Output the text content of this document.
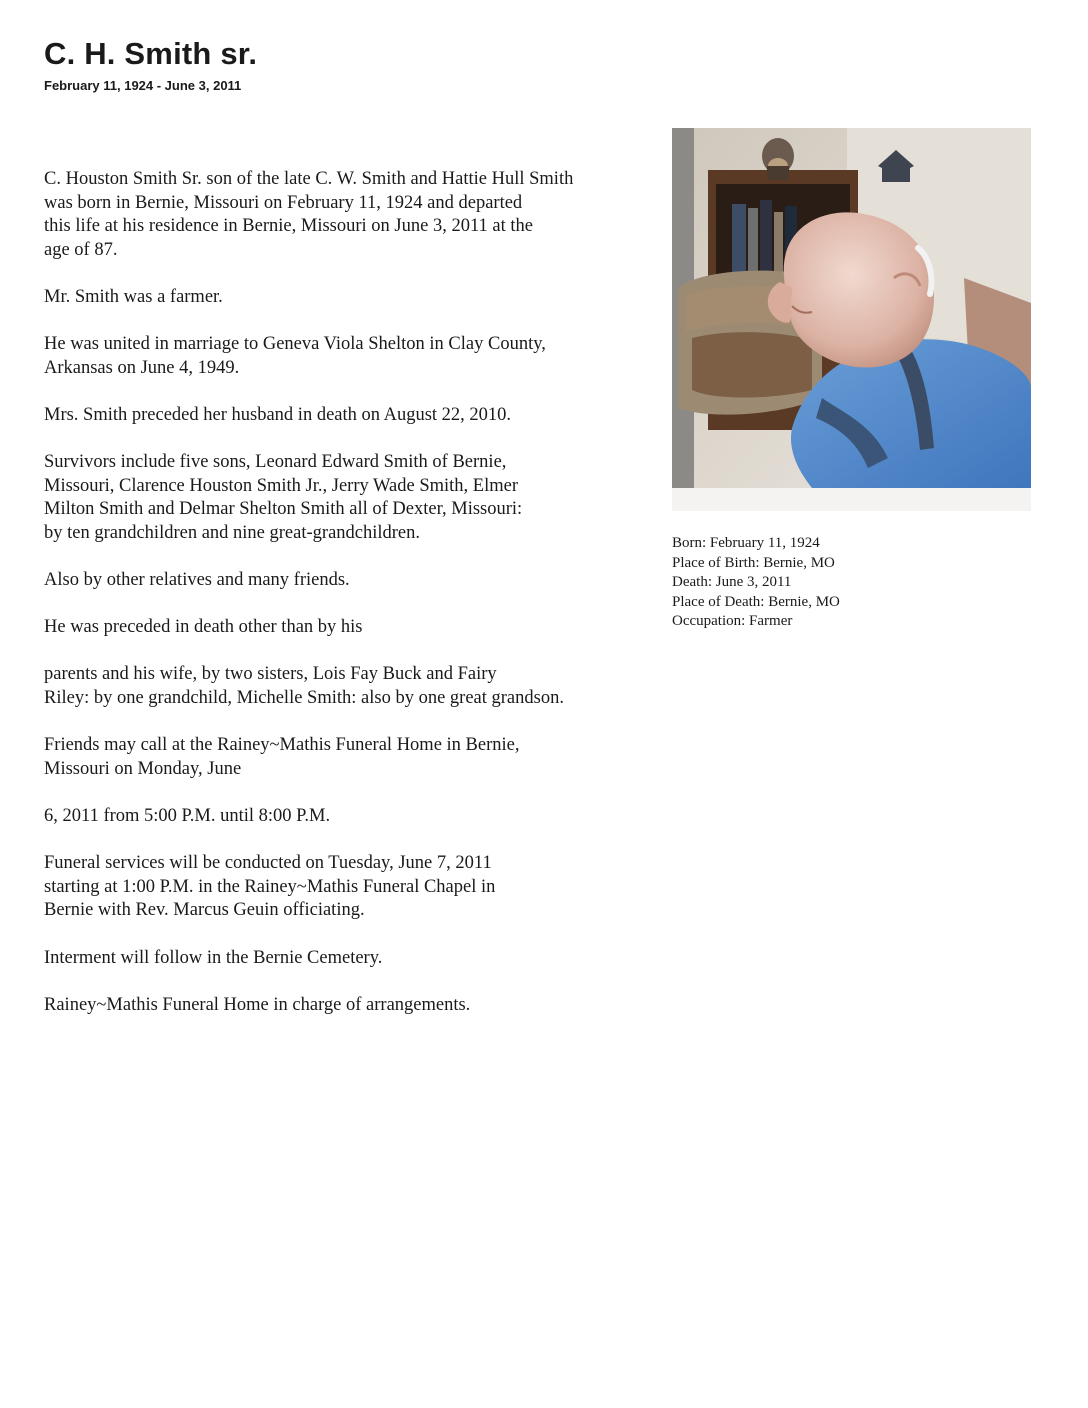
C. H. Smith sr.
February 11, 1924 - June 3, 2011

C. Houston Smith Sr. son of the late C. W. Smith and Hattie Hull Smith
was born in Bernie, Missouri on February 11, 1924 and departed
this life at his residence in Bernie, Missouri on June 3, 2011 at the
age of 87.

Mr. Smith was a farmer.

He was united in marriage to Geneva Viola Shelton in Clay County,
Arkansas on June 4, 1949.

Mrs. Smith preceded her husband in death on August 22, 2010.

Survivors include five sons, Leonard Edward Smith of Bernie,
Missouri, Clarence Houston Smith Jr., Jerry Wade Smith, Elmer
Milton Smith and Delmar Shelton Smith all of Dexter, Missouri:
by ten grandchildren and nine great-grandchildren.

Also by other relatives and many friends.

He was preceded in death other than by his

parents and his wife, by two sisters, Lois Fay Buck and Fairy
Riley: by one grandchild, Michelle Smith: also by one great grandson.

Friends may call at the Rainey~Mathis Funeral Home in Bernie,
Missouri on Monday, June

6, 2011 from 5:00 P.M. until 8:00 P.M.

Funeral services will be conducted on Tuesday, June 7, 2011
starting at 1:00 P.M. in the Rainey~Mathis Funeral Chapel in
Bernie with Rev. Marcus Geuin officiating.

Interment will follow in the Bernie Cemetery.

Rainey~Mathis Funeral Home in charge of arrangements.

Born: February 11, 1924
Place of Birth: Bernie, MO
Death: June 3, 2011
Place of Death: Bernie, MO
Occupation: Farmer
